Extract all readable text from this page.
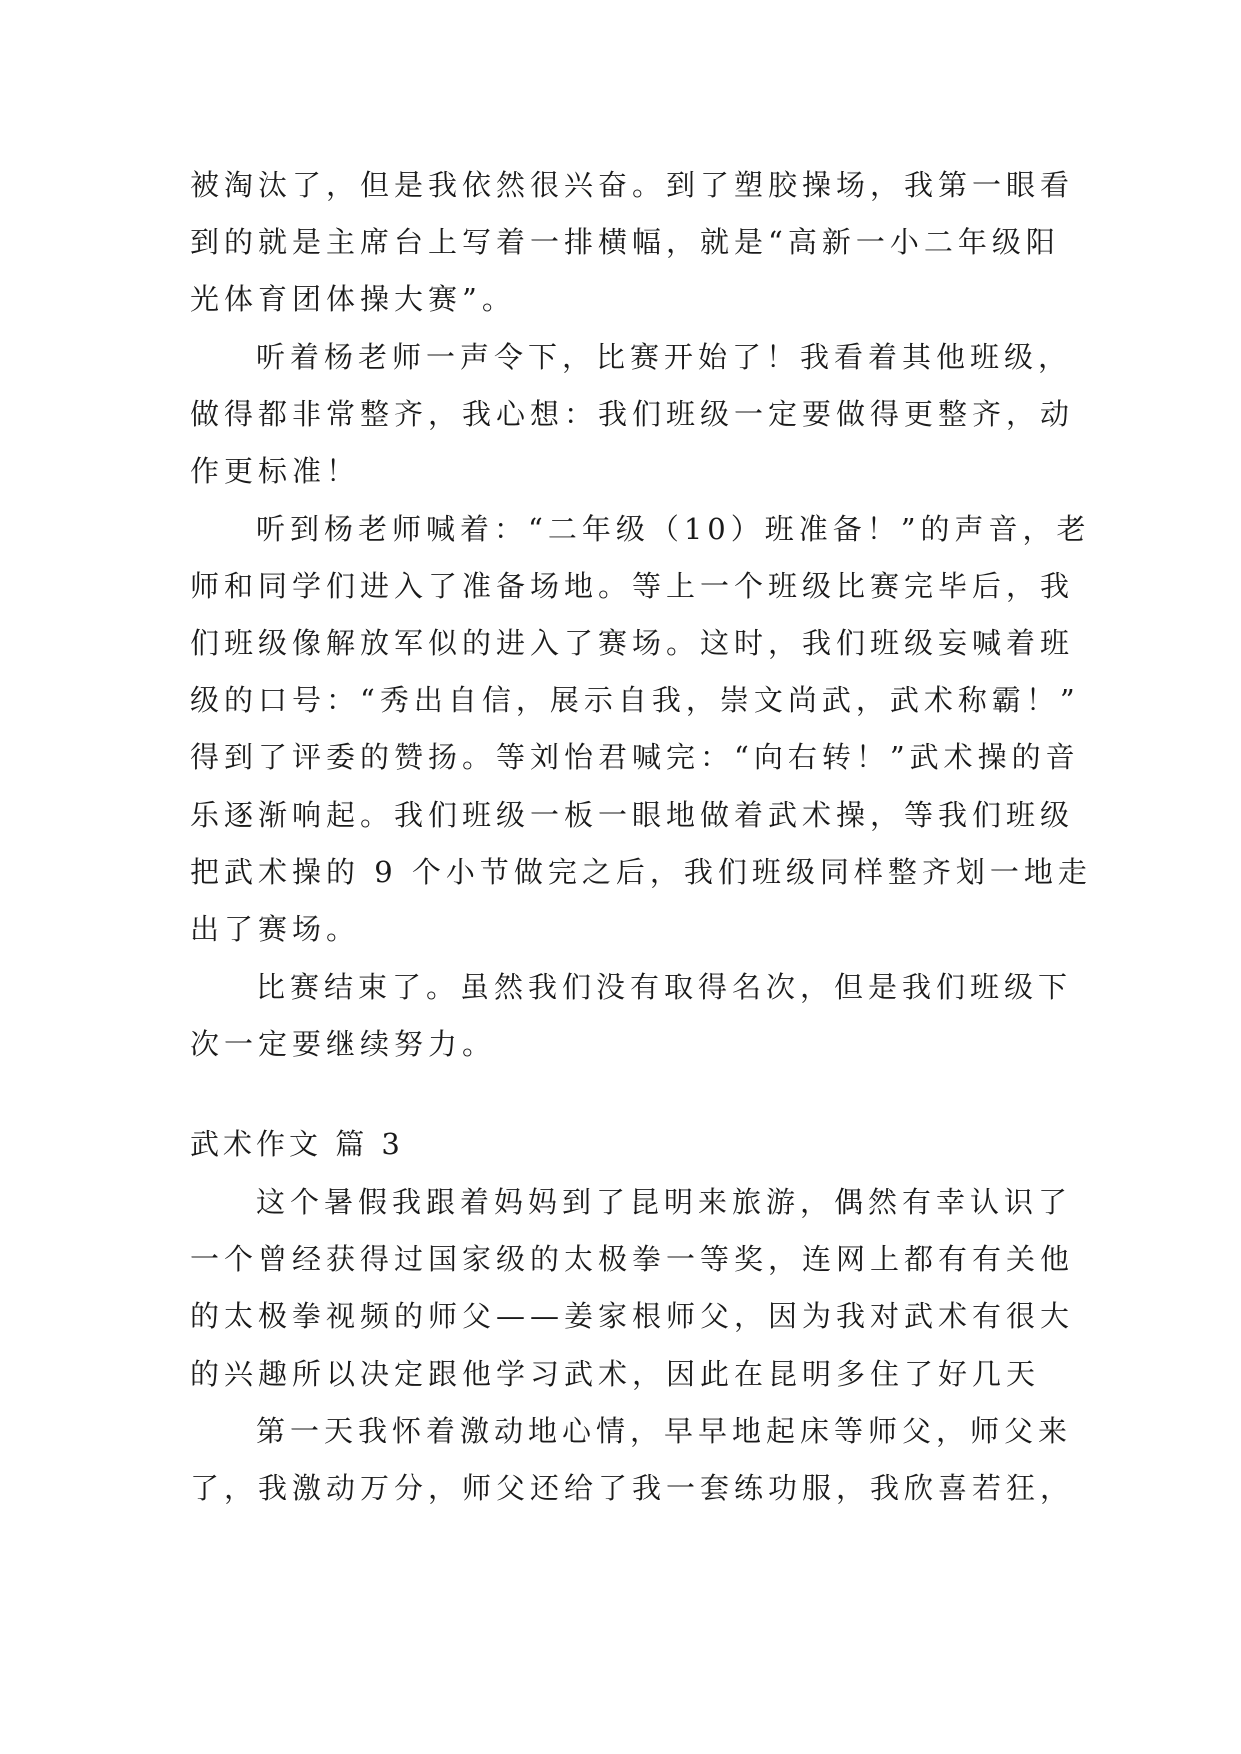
被淘汰了，但是我依然很兴奋。到了塑胶操场，我第一眼看
到的就是主席台上写着一排横幅，就是“高新一小二年级阳
光体育团体操大赛”。
听着杨老师一声令下，比赛开始了！我看着其他班级，
做得都非常整齐，我心想：我们班级一定要做得更整齐，动
作更标准！
听到杨老师喊着：“二年级（10）班准备！”的声音，老
师和同学们进入了准备场地。等上一个班级比赛完毕后，我
们班级像解放军似的进入了赛场。这时，我们班级妄喊着班
级的口号：“秀出自信，展示自我，崇文尚武，武术称霸！”
得到了评委的赞扬。等刘怡君喊完：“向右转！”武术操的音
乐逐渐响起。我们班级一板一眼地做着武术操，等我们班级
把武术操的 9 个小节做完之后，我们班级同样整齐划一地走
出了赛场。
比赛结束了。虽然我们没有取得名次，但是我们班级下
次一定要继续努力。
武术作文 篇 3
这个暑假我跟着妈妈到了昆明来旅游，偶然有幸认识了
一个曾经获得过国家级的太极拳一等奖，连网上都有有关他
的太极拳视频的师父——姜家根师父，因为我对武术有很大
的兴趣所以决定跟他学习武术，因此在昆明多住了好几天
第一天我怀着激动地心情，早早地起床等师父，师父来
了，我激动万分，师父还给了我一套练功服，我欣喜若狂，
